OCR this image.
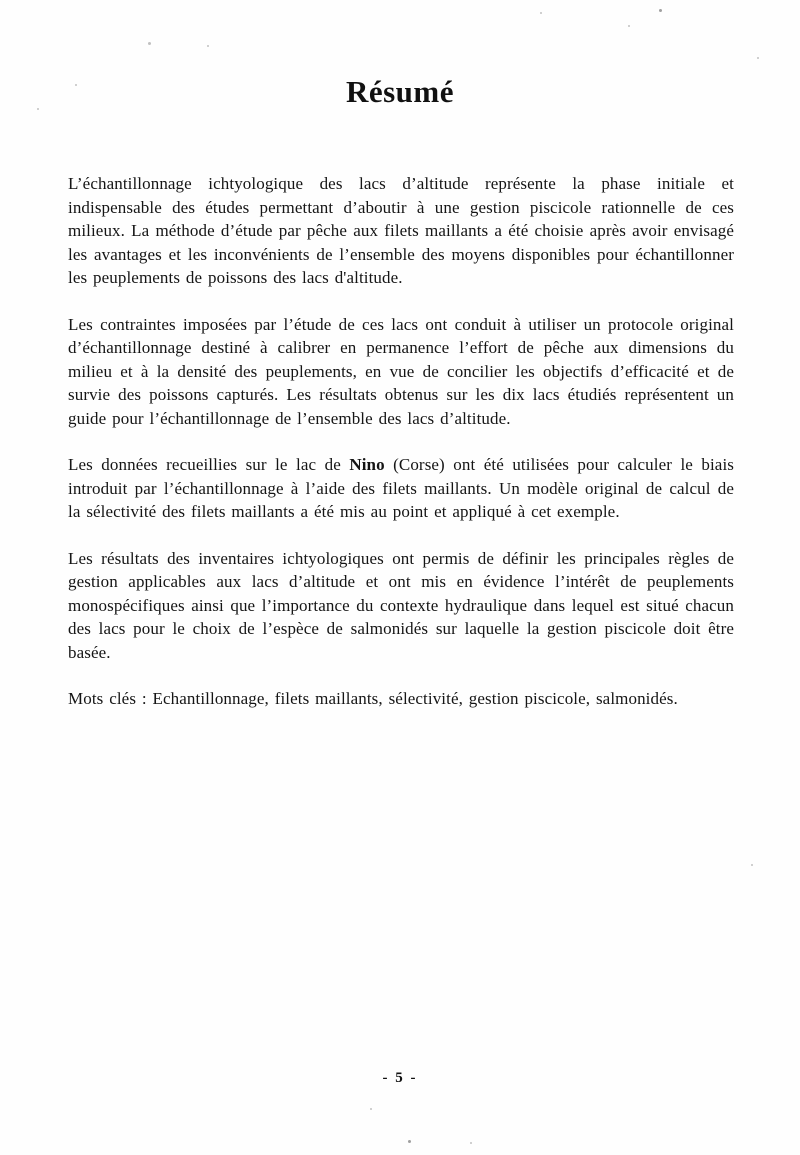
Résumé

L’échantillonnage ichtyologique des lacs d’altitude représente la phase initiale et indispensable des études permettant d’aboutir à une gestion piscicole rationnelle de ces milieux. La méthode d’étude par pêche aux filets maillants a été choisie après avoir envisagé les avantages et les inconvénients de l’ensemble des moyens disponibles pour échantillonner les peuplements de poissons des lacs d'altitude.

Les contraintes imposées par l’étude de ces lacs ont conduit à utiliser un protocole original d’échantillonnage destiné à calibrer en permanence l’effort de pêche aux dimensions du milieu et à la densité des peuplements, en vue de concilier les objectifs d’efficacité et de survie des poissons capturés. Les résultats obtenus sur les dix lacs étudiés représentent un guide pour l’échantillonnage de l’ensemble des lacs d’altitude.

Les données recueillies sur le lac de Nino (Corse) ont été utilisées pour calculer le biais introduit par l’échantillonnage à l’aide des filets maillants. Un modèle original de calcul de la sélectivité des filets maillants a été mis au point et appliqué à cet exemple.

Les résultats des inventaires ichtyologiques ont permis de définir les principales règles de gestion applicables aux lacs d’altitude et ont mis en évidence l’intérêt de peuplements monospécifiques ainsi que l’importance du contexte hydraulique dans lequel est situé chacun des lacs pour le choix de l’espèce de salmonidés sur laquelle la gestion piscicole doit être basée.

Mots clés : Echantillonnage, filets maillants, sélectivité, gestion piscicole, salmonidés.

- 5 -
